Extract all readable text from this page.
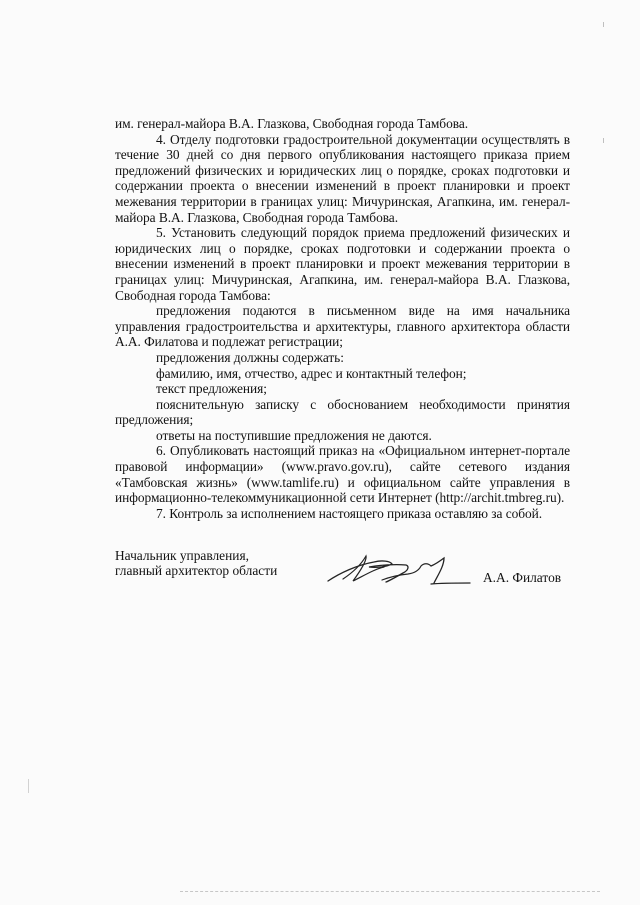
им. генерал-майора В.А. Глазкова, Свободная города Тамбова.

4. Отделу подготовки градостроительной документации осуществлять в течение 30 дней со дня первого опубликования настоящего приказа прием предложений физических и юридических лиц о порядке, сроках подготовки и содержании проекта о внесении изменений в проект планировки и проект межевания территории в границах улиц: Мичуринская, Агапкина, им. генерал-майора В.А. Глазкова, Свободная города Тамбова.

5. Установить следующий порядок приема предложений физических и юридических лиц о порядке, сроках подготовки и содержании проекта о внесении изменений в проект планировки и проект межевания территории в границах улиц: Мичуринская, Агапкина, им. генерал-майора В.А. Глазкова, Свободная города Тамбова:

предложения подаются в письменном виде на имя начальника управления градостроительства и архитектуры, главного архитектора области А.А. Филатова и подлежат регистрации;

предложения должны содержать:

фамилию, имя, отчество, адрес и контактный телефон;

текст предложения;

пояснительную записку с обоснованием необходимости принятия предложения;

ответы на поступившие предложения не даются.

6. Опубликовать настоящий приказ на «Официальном интернет-портале правовой информации» (www.pravo.gov.ru), сайте сетевого издания «Тамбовская жизнь» (www.tamlife.ru) и официальном сайте управления в информационно-телекоммуникационной сети Интернет (http://archit.tmbreg.ru).

7. Контроль за исполнением настоящего приказа оставляю за собой.

Начальник управления,
главный архитектор области	А.А. Филатов
